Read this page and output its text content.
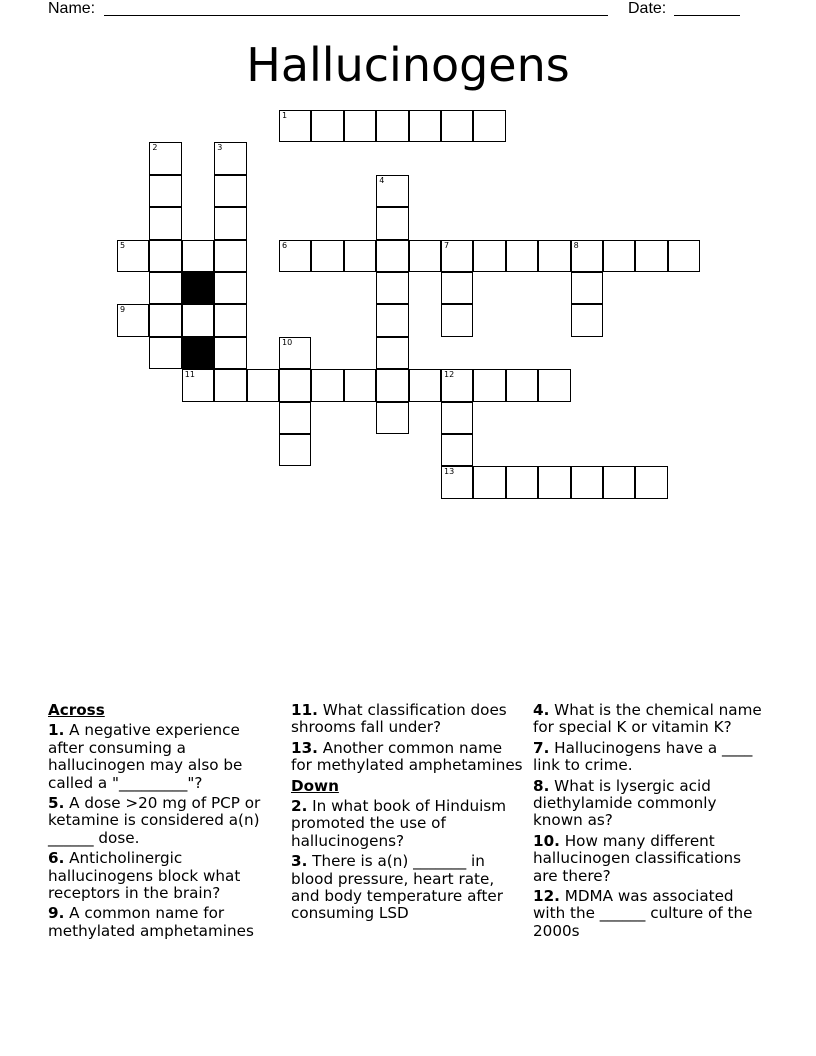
Name:	Date:
Hallucinogens
1
5	6	7	8
9
11	12
13
2	3
4
10
Across
1. A negative experience after consuming a hallucinogen may also be called a "_________"?
5. A dose >20 mg of PCP or ketamine is considered a(n) ______ dose.
6. Anticholinergic hallucinogens block what receptors in the brain?
9. A common name for methylated amphetamines
11. What classification does shrooms fall under?
13. Another common name for methylated amphetamines
Down
2. In what book of Hinduism promoted the use of hallucinogens?
3. There is a(n) _______ in blood pressure, heart rate, and body temperature after consuming LSD
4. What is the chemical name for special K or vitamin K?
7. Hallucinogens have a ____ link to crime.
8. What is lysergic acid diethylamide commonly known as?
10. How many different hallucinogen classifications are there?
12. MDMA was associated with the ______ culture of the 2000s
